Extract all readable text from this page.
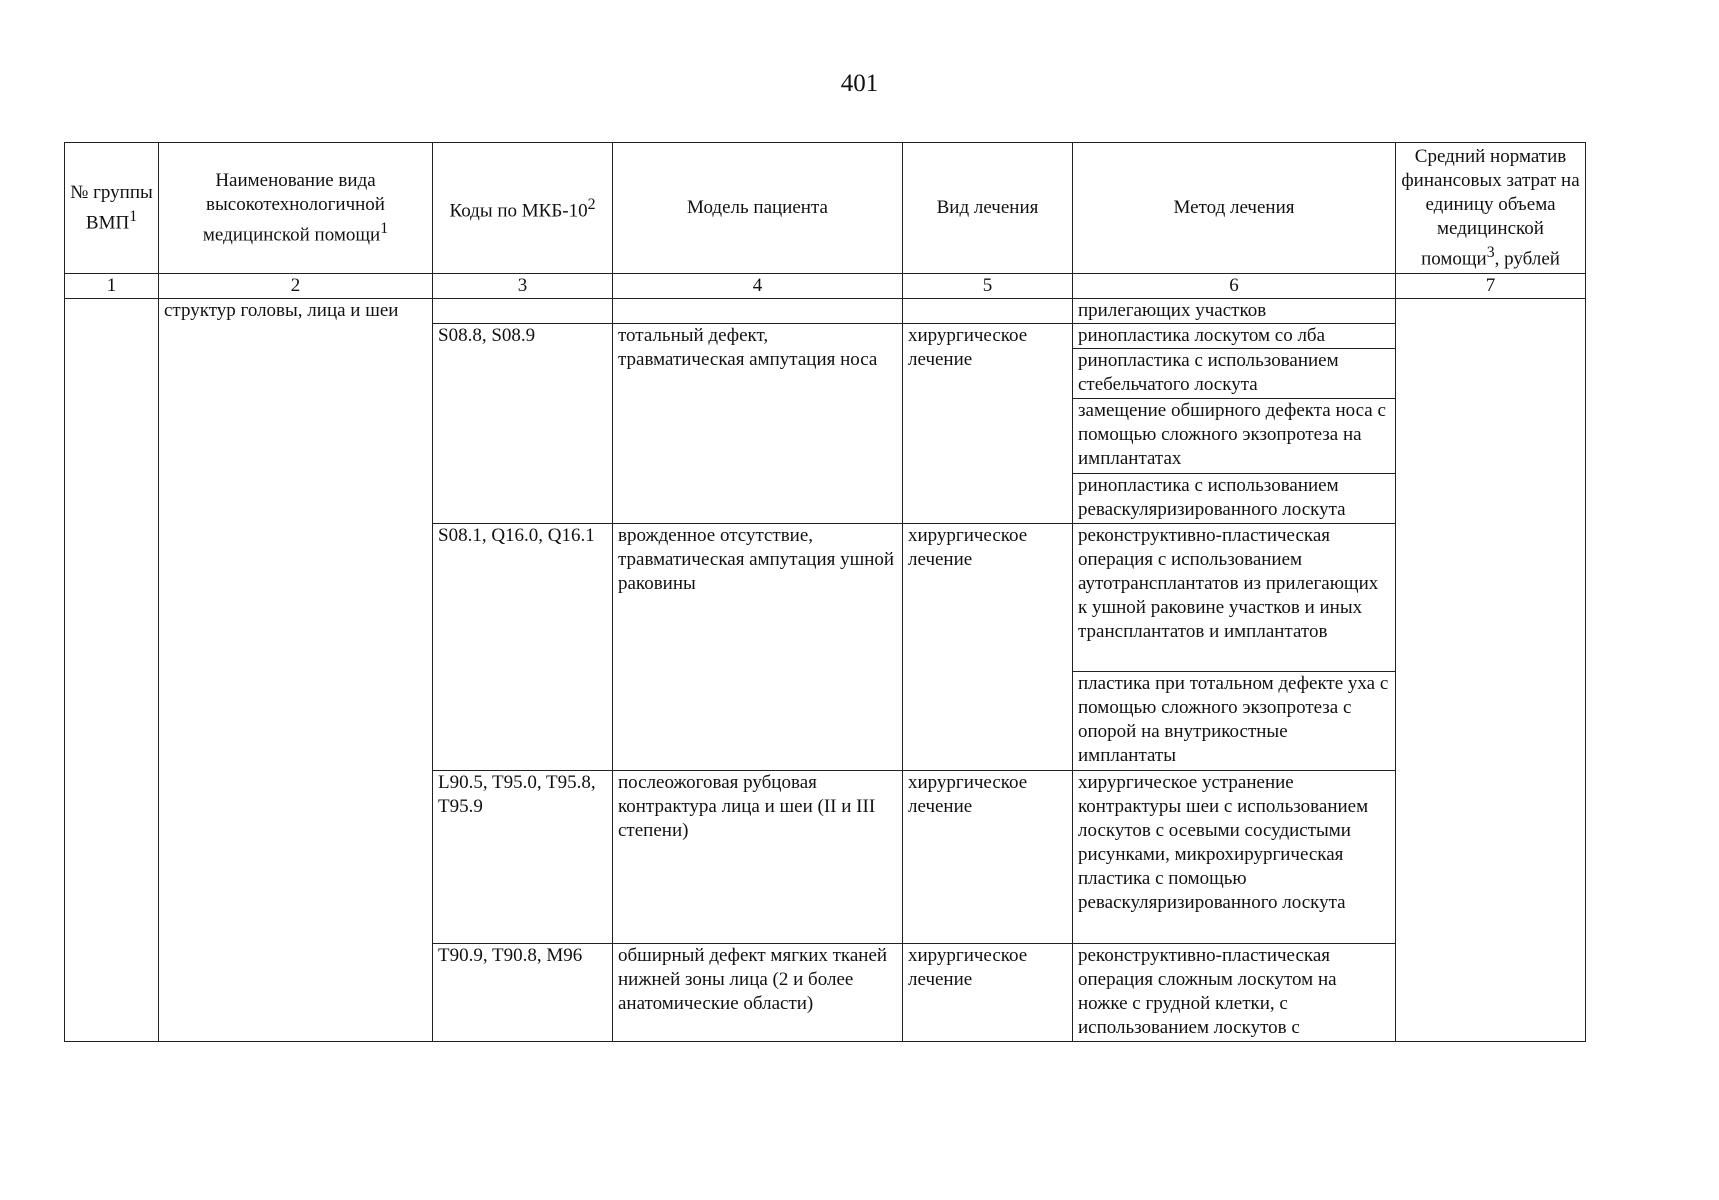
401
№ группы ВМП$^1$	Наименование вида высокотехнологичной медицинской помощи$^1$	Коды по МКБ-$10^2$	Модель пациента	Вид лечения	Метод лечения	Средний норматив финансовых затрат на единицу объема медицинской помощи$^3$, рублей
1	2	3	4	5	6	7
	структур головы, лица и шеи				прилегающих участков	
		S08.8, S08.9	тотальный дефект, травматическая ампутация носа	хирургическое лечение	ринопластика лоскутом со лба	
					ринопластика с использованием стебельчатого лоскута	
					замещение обширного дефекта носа с помощью сложного экзопротеза на имплантатах	
					ринопластика с использованием реваскуляризированного лоскута	
		S08.1, Q16.0, Q16.1	врожденное отсутствие, травматическая ампутация ушной раковины	хирургическое лечение	реконструктивно-пластическая операция с использованием аутотрансплантатов из прилегающих к ушной раковине участков и иных трансплантатов и имплантатов	
					пластика при тотальном дефекте уха с помощью сложного экзопротеза с опорой на внутрикостные имплантаты	
		L90.5, T95.0, T95.8, T95.9	послеожоговая рубцовая контрактура лица и шеи (II и III степени)	хирургическое лечение	хирургическое устранение контрактуры шеи с использованием лоскутов с осевыми сосудистыми рисунками, микрохирургическая пластика с помощью реваскуляризированного лоскута	
		T90.9, T90.8, M96	обширный дефект мягких тканей нижней зоны лица (2 и более анатомические области)	хирургическое лечение	реконструктивно-пластическая операция сложным лоскутом на ножке с грудной клетки, с использованием лоскутов с	
